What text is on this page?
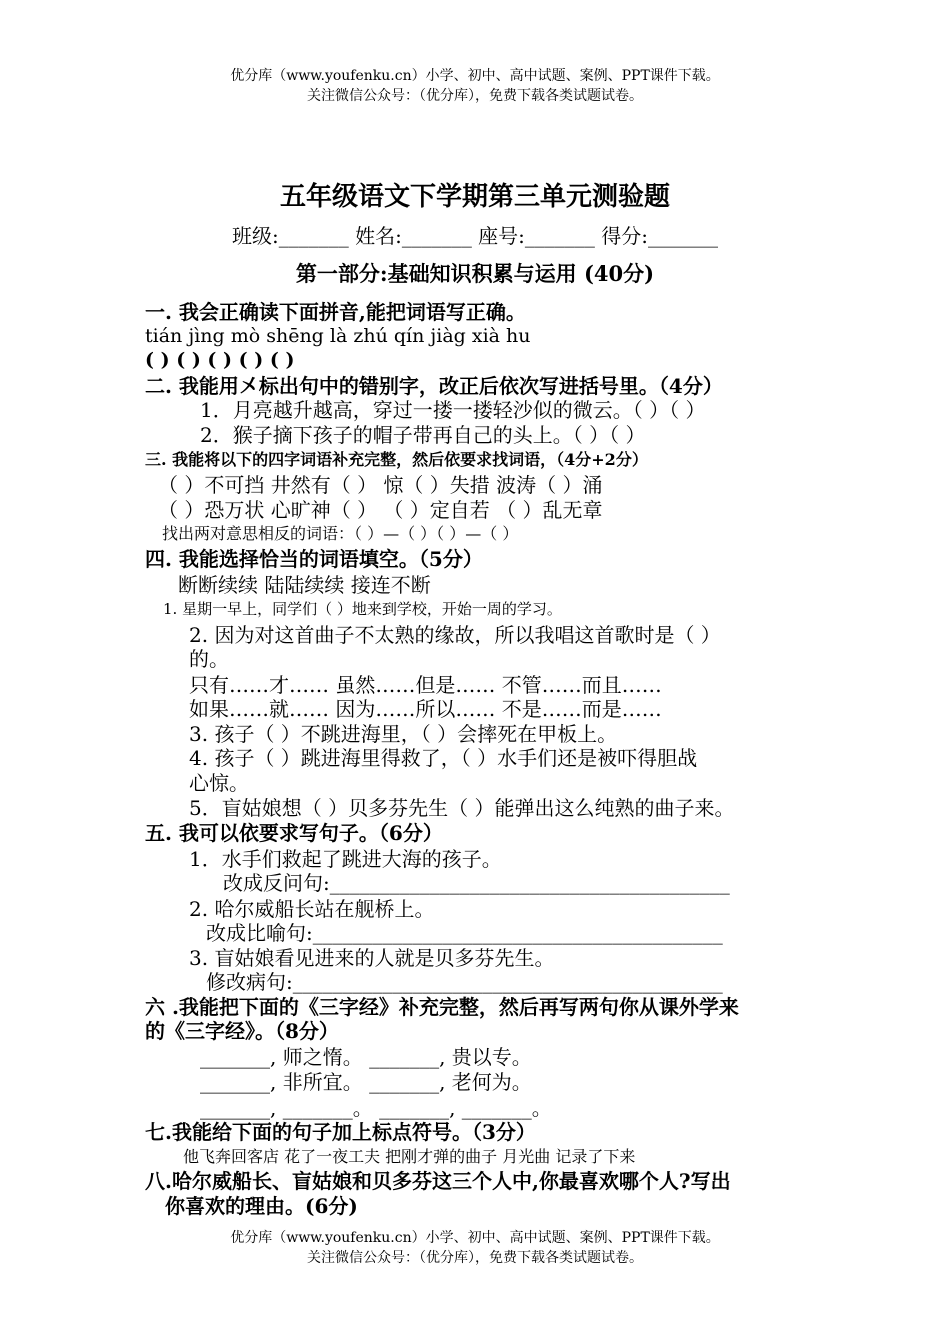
优分库（www.youfenku.cn）小学、初中、高中试题、案例、PPT课件下载。
关注微信公众号：（优分库），免费下载各类试题试卷。
五年级语文下学期第三单元测验题
班级:_______ 姓名:_______ 座号:_______ 得分:_______
第一部分:基础知识积累与运用 (40分)
一. 我会正确读下面拼音,能把词语写正确。
tián jìng mò shēng là zhú qín jiàg xià hu
( ) ( ) ( ) ( ) ( )
二. 我能用㐅标出句中的错别字，改正后依次写进括号里。（4分）
1．月亮越升越高，穿过一搂一搂轻沙似的微云。（ ）（ ）
2．猴子摘下孩子的帽子带再自己的头上。（ ）（ ）
三. 我能将以下的四字词语补充完整，然后依要求找词语，（4分+2分）
（ ）不可挡 井然有（ ） 惊（ ）失措 波涛（ ）涌
（ ）恐万状 心旷神（ ） （ ）定自若 （ ）乱无章
找出两对意思相反的词语：（ ）—（ ）（ ）—（ ）
四. 我能选择恰当的词语填空。（5分）
断断续续 陆陆续续 接连不断
1. 星期一早上，同学们（ ）地来到学校，开始一周的学习。
2. 因为对这首曲子不太熟的缘故，所以我唱这首歌时是（ ）
的。
只有……才…… 虽然……但是…… 不管……而且……
如果……就…… 因为……所以…… 不是……而是……
3. 孩子（ ）不跳进海里，（ ）会摔死在甲板上。
4. 孩子（ ）跳进海里得救了，（ ）水手们还是被吓得胆战
心惊。
5．盲姑娘想（ ）贝多芬先生（ ）能弹出这么纯熟的曲子来。
五. 我可以依要求写句子。（6分）
1．水手们救起了跳进大海的孩子。
改成反问句:________________________________________
2. 哈尔威船长站在舰桥上。
改成比喻句:_________________________________________
3. 盲姑娘看见进来的人就是贝多芬先生。
修改病句:___________________________________________
六 .我能把下面的《三字经》补充完整，然后再写两句你从课外学来
的《三字经》。（8分）
_______, 师之惰。 _______, 贵以专。
_______, 非所宜。 _______, 老何为。
_______, _______。 _______, _______。
七.我能给下面的句子加上标点符号。（3分）
他飞奔回客店 花了一夜工夫 把刚才弹的曲子 月光曲 记录了下来
八.哈尔威船长、盲姑娘和贝多芬这三个人中,你最喜欢哪个人?写出
你喜欢的理由。(6分)
优分库（www.youfenku.cn）小学、初中、高中试题、案例、PPT课件下载。
关注微信公众号：（优分库），免费下载各类试题试卷。
